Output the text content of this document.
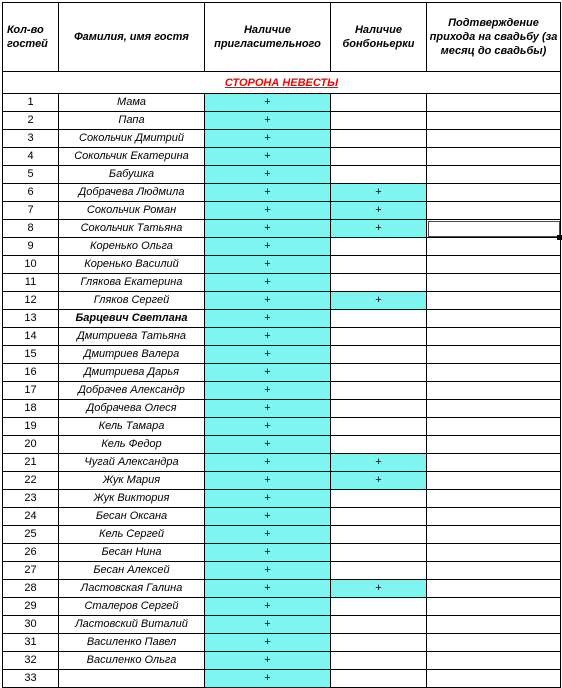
Кол-во гостей	Фамилия, имя гостя	Наличие пригласительного	Наличие бонбоньерки	Подтверждение прихода на свадьбу (за месяц до свадьбы)
СТОРОНА НЕВЕСТЫ				
1	Мама	+		
2	Папа	+		
3	Сокольчик Дмитрий	+		
4	Сокольчик Екатерина	+		
5	Бабушка	+		
6	Добрачева Людмила	+	+	
7	Сокольчик Роман	+	+	
8	Сокольчик Татьяна	+	+	
9	Коренько Ольга	+		
10	Коренько Василий	+		
11	Глякова Екатерина	+		
12	Гляков Сергей	+	+	
13	Барцевич Светлана	+		
14	Дмитриева Татьяна	+		
15	Дмитриев Валера	+		
16	Дмитриева Дарья	+		
17	Добрачев Александр	+		
18	Добрачева Олеся	+		
19	Кель Тамара	+		
20	Кель Федор	+		
21	Чугай Александра	+	+	
22	Жук Мария	+	+	
23	Жук Виктория	+		
24	Бесан Оксана	+		
25	Кель Сергей	+		
26	Бесан Нина	+		
27	Бесан Алексей	+		
28	Ластовская Галина	+	+	
29	Сталеров Сергей	+		
30	Ластовский Виталий	+		
31	Василенко Павел	+		
32	Василенко Ольга	+		
33		+		
